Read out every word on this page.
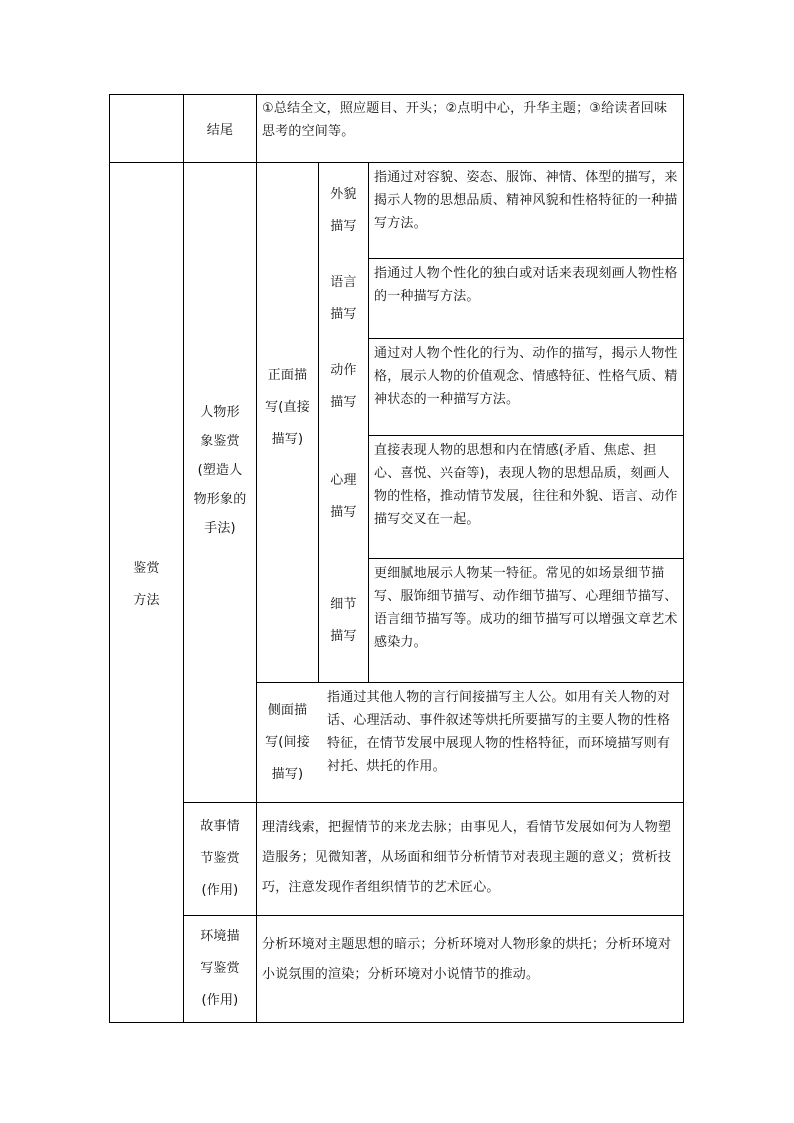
结尾
①总结全文，照应题目、开头；②点明中心，升华主题；③给读者回味思考的空间等。
鉴赏
方法
人物形
象鉴赏
(塑造人
物形象的
手法)
正面描
写(直接
描写)
外貌
描写
语言
描写
动作
描写
心理
描写
细节
描写
指通过对容貌、姿态、服饰、神情、体型的描写，来揭示人物的思想品质、精神风貌和性格特征的一种描写方法。
指通过人物个性化的独白或对话来表现刻画人物性格的一种描写方法。
通过对人物个性化的行为、动作的描写，揭示人物性格，展示人物的价值观念、情感特征、性格气质、精神状态的一种描写方法。
直接表现人物的思想和内在情感(矛盾、焦虑、担心、喜悦、兴奋等)，表现人物的思想品质，刻画人物的性格，推动情节发展，往往和外貌、语言、动作描写交叉在一起。
更细腻地展示人物某一特征。常见的如场景细节描写、服饰细节描写、动作细节描写、心理细节描写、语言细节描写等。成功的细节描写可以增强文章艺术感染力。
侧面描
写(间接
描写)
指通过其他人物的言行间接描写主人公。如用有关人物的对话、心理活动、事件叙述等烘托所要描写的主要人物的性格特征，在情节发展中展现人物的性格特征，而环境描写则有衬托、烘托的作用。
故事情
节鉴赏
(作用)
理清线索，把握情节的来龙去脉；由事见人，看情节发展如何为人物塑造服务；见微知著，从场面和细节分析情节对表现主题的意义；赏析技巧，注意发现作者组织情节的艺术匠心。
环境描
写鉴赏
(作用)
分析环境对主题思想的暗示；分析环境对人物形象的烘托；分析环境对小说氛围的渲染；分析环境对小说情节的推动。
